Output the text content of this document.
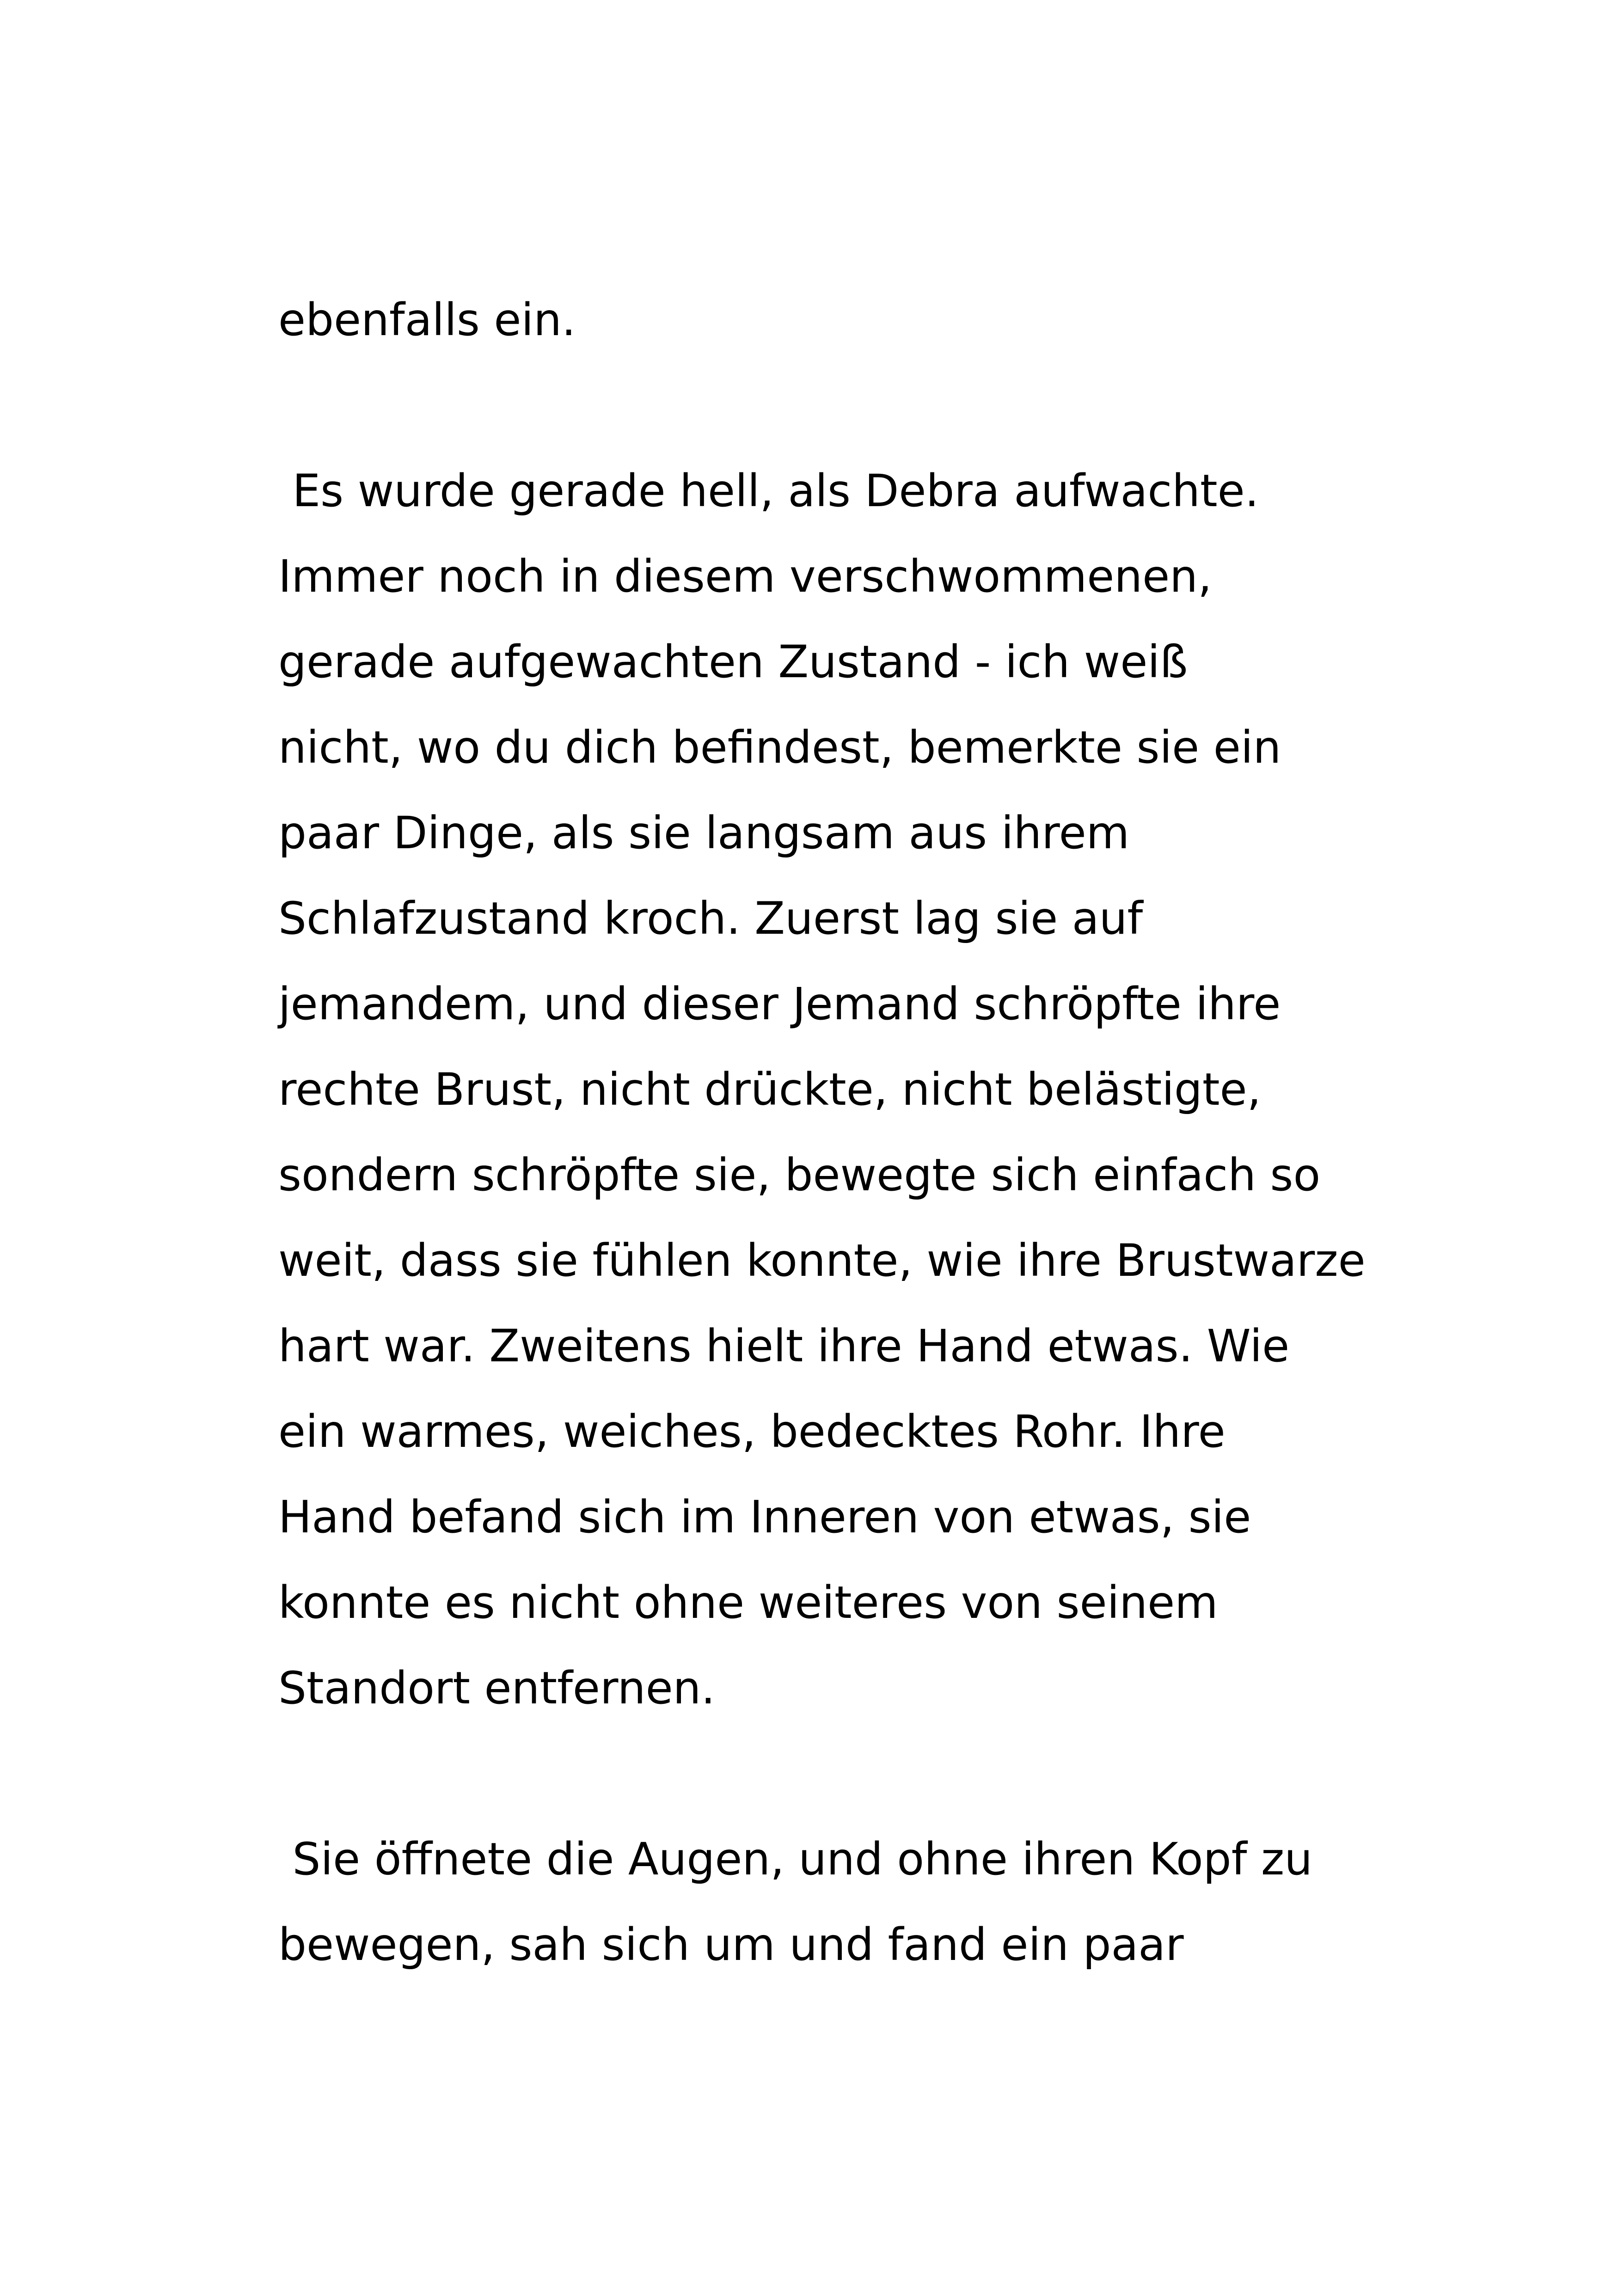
ebenfalls ein.
Es wurde gerade hell, als Debra aufwachte.
Immer noch in diesem verschwommenen,
gerade aufgewachten Zustand - ich weiß
nicht, wo du dich befindest, bemerkte sie ein
paar Dinge, als sie langsam aus ihrem
Schlafzustand kroch. Zuerst lag sie auf
jemandem, und dieser Jemand schröpfte ihre
rechte Brust, nicht drückte, nicht belästigte,
sondern schröpfte sie, bewegte sich einfach so
weit, dass sie fühlen konnte, wie ihre Brustwarze
hart war. Zweitens hielt ihre Hand etwas. Wie
ein warmes, weiches, bedecktes Rohr. Ihre
Hand befand sich im Inneren von etwas, sie
konnte es nicht ohne weiteres von seinem
Standort entfernen.
Sie öffnete die Augen, und ohne ihren Kopf zu
bewegen, sah sich um und fand ein paar
